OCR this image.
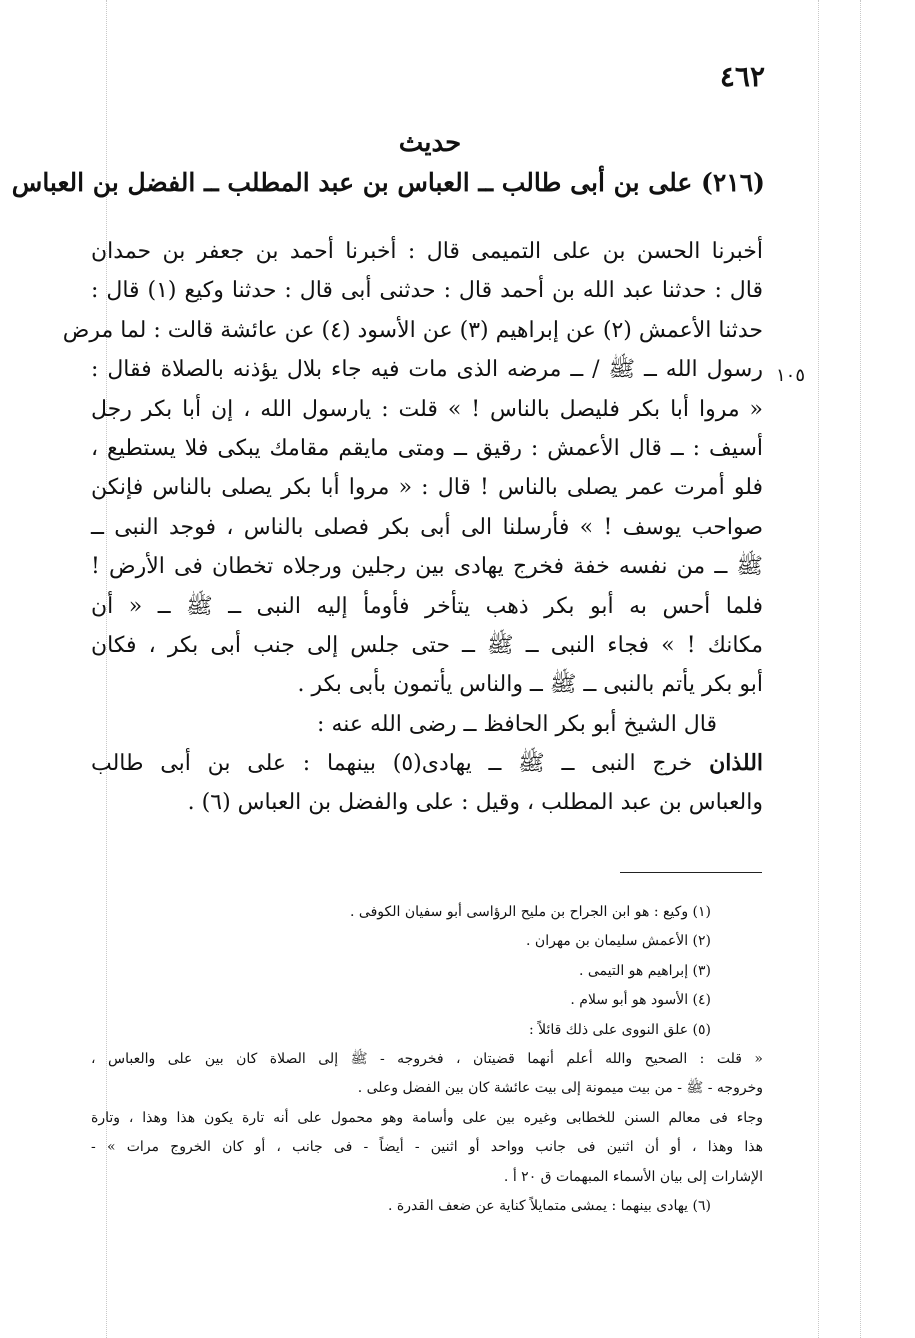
٤٦٢
حديث
(٢١٦) على بن أبى طالب ــ العباس بن عبد المطلب ــ الفضل بن العباس
أخبرنا الحسن بن على التميمى قال : أخبرنا أحمد بن جعفر بن حمدان
قال : حدثنا عبد الله بن أحمد قال : حدثنى أبى قال : حدثنا وكيع (١) قال :
حدثنا الأعمش (٢) عن إبراهيم (٣) عن الأسود (٤) عن عائشة قالت : لما مرض
رسول الله ــ ﷺ / ــ مرضه الذى مات فيه جاء بلال يؤذنه بالصلاة فقال :
« مروا أبا بكر فليصل بالناس ! » قلت : يارسول الله ، إن أبا بكر رجل
أسيف : ــ قال الأعمش : رقيق ــ ومتى مايقم مقامك يبكى فلا يستطيع ،
فلو أمرت عمر يصلى بالناس ! قال : « مروا أبا بكر يصلى بالناس فإنكن
صواحب يوسف ! » فأرسلنا الى أبى بكر فصلى بالناس ، فوجد النبى ــ
ﷺ ــ من نفسه خفة فخرج يهادى بين رجلين ورجلاه تخطان فى الأرض !
فلما أحس به أبو بكر ذهب يتأخر فأومأ إليه النبى ــ ﷺ ــ « أن
مكانك ! » فجاء النبى ــ ﷺ ــ حتى جلس إلى جنب أبى بكر ، فكان
أبو بكر يأتم بالنبى ــ ﷺ ــ والناس يأتمون بأبى بكر .
قال الشيخ أبو بكر الحافظ ــ رضى الله عنه :
اللذان خرج النبى ــ ﷺ ــ يهادى(٥) بينهما : على بن أبى طالب
والعباس بن عبد المطلب ، وقيل : على والفضل بن العباس (٦) .
١٠٥
(١) وكيع : هو ابن الجراح بن مليح الرؤاسى أبو سفيان الكوفى .
(٢) الأعمش سليمان بن مهران .
(٣) إبراهيم هو التيمى .
(٤) الأسود هو أبو سلام .
(٥) علق النووى على ذلك قائلاً :
« قلت : الصحيح والله أعلم أنهما قضيتان ، فخروجه - ﷺ إلى الصلاة كان بين على والعباس ،
وخروجه - ﷺ - من بيت ميمونة إلى بيت عائشة كان بين الفضل وعلى .
وجاء فى معالم السنن للخطابى وغيره بين على وأسامة وهو محمول على أنه تارة يكون هذا وهذا ، وتارة
هذا وهذا ، أو أن اثنين فى جانب وواحد أو اثنين - أيضاً - فى جانب ، أو كان الخروج مرات » -
الإشارات إلى بيان الأسماء المبهمات ق ٢٠ أ .
(٦) يهادى بينهما : يمشى متمايلاً كناية عن ضعف القدرة .
